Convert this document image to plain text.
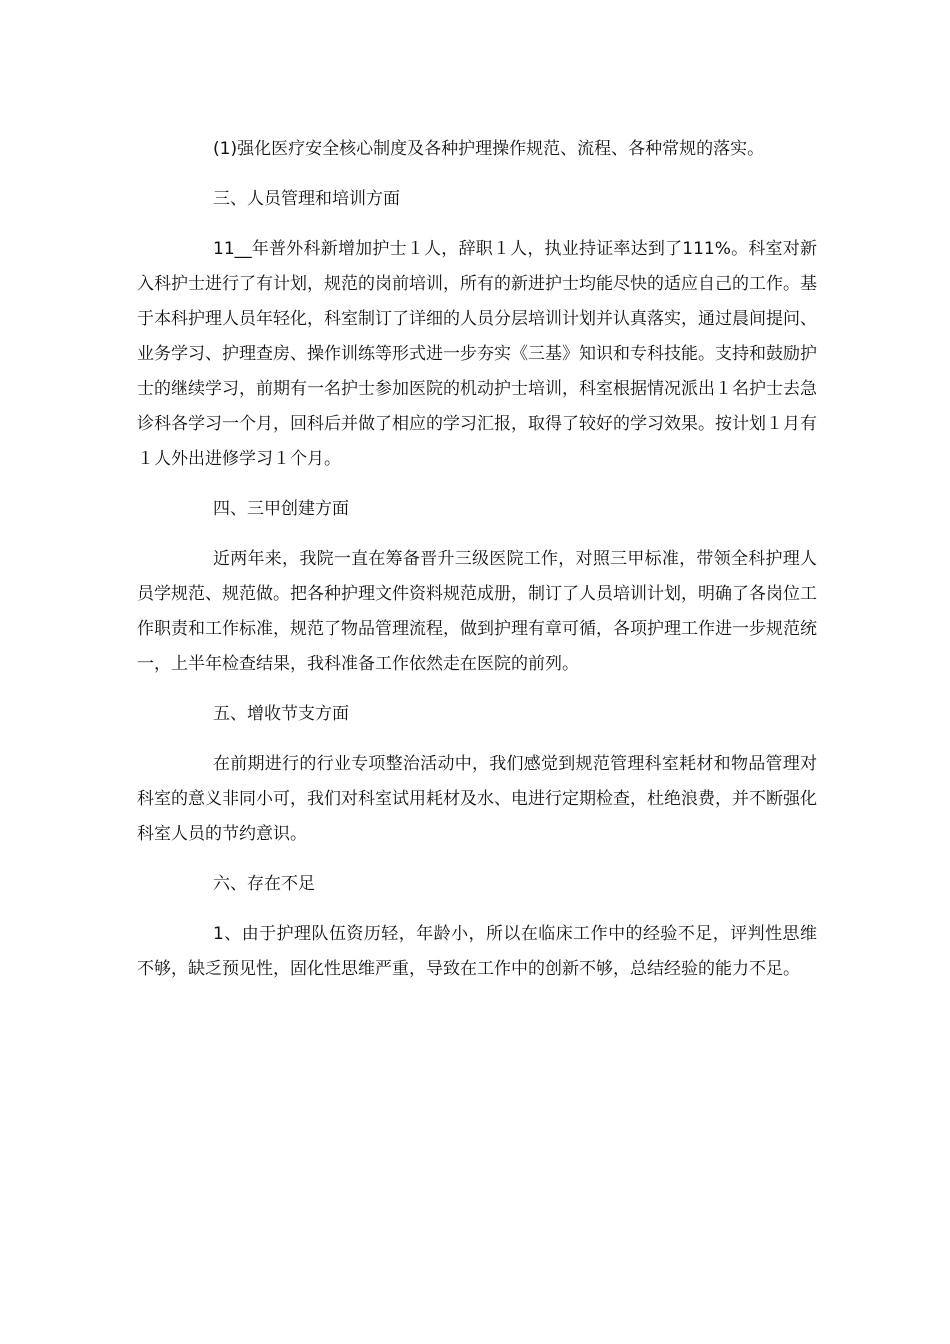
(1)强化医疗安全核心制度及各种护理操作规范、流程、各种常规的落实。

三、人员管理和培训方面

11__年普外科新增加护士１人，辞职１人，执业持证率达到了111%。科室对新入科护士进行了有计划，规范的岗前培训，所有的新进护士均能尽快的适应自己的工作。基于本科护理人员年轻化，科室制订了详细的人员分层培训计划并认真落实，通过晨间提问、业务学习、护理查房、操作训练等形式进一步夯实《三基》知识和专科技能。支持和鼓励护士的继续学习，前期有一名护士参加医院的机动护士培训，科室根据情况派出１名护士去急诊科各学习一个月，回科后并做了相应的学习汇报，取得了较好的学习效果。按计划１月有１人外出进修学习１个月。

四、三甲创建方面

近两年来，我院一直在筹备晋升三级医院工作，对照三甲标准，带领全科护理人员学规范、规范做。把各种护理文件资料规范成册，制订了人员培训计划，明确了各岗位工作职责和工作标准，规范了物品管理流程，做到护理有章可循，各项护理工作进一步规范统一，上半年检查结果，我科准备工作依然走在医院的前列。

五、增收节支方面

在前期进行的行业专项整治活动中，我们感觉到规范管理科室耗材和物品管理对科室的意义非同小可，我们对科室试用耗材及水、电进行定期检查，杜绝浪费，并不断强化科室人员的节约意识。

六、存在不足

1、由于护理队伍资历轻，年龄小，所以在临床工作中的经验不足，评判性思维不够，缺乏预见性，固化性思维严重，导致在工作中的创新不够，总结经验的能力不足。
